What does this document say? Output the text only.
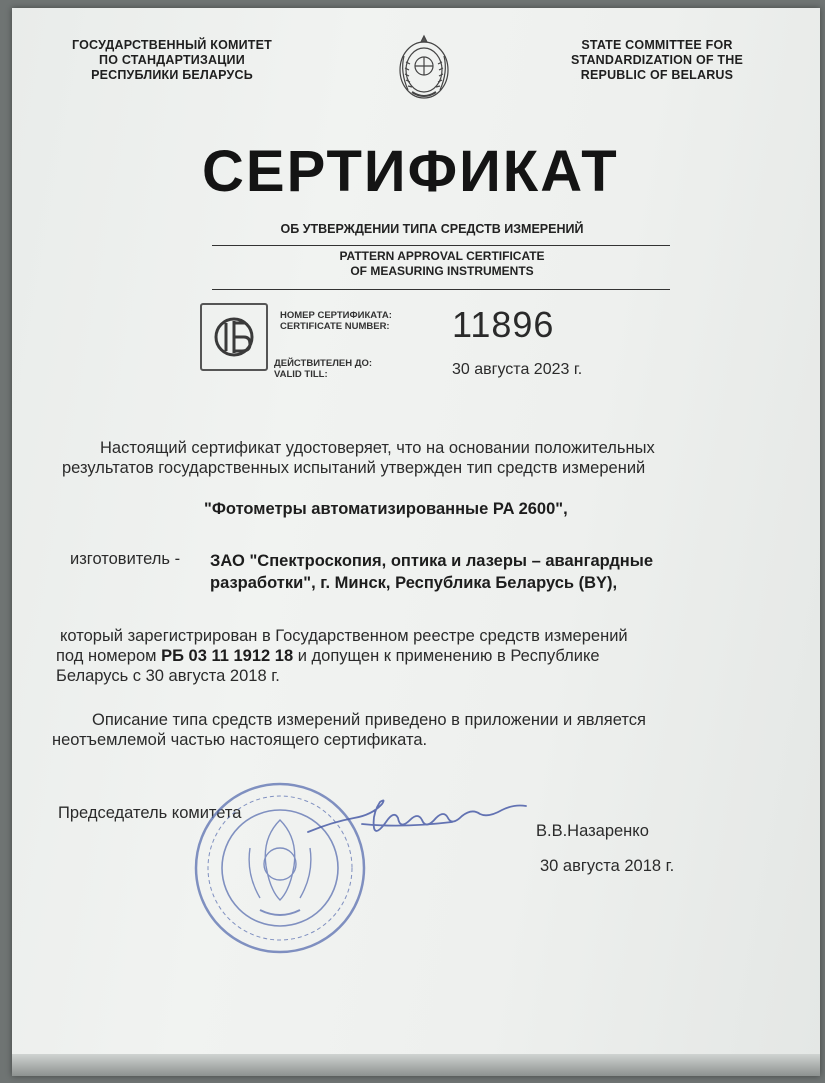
ГОСУДАРСТВЕННЫЙ КОМИТЕТ
ПО СТАНДАРТИЗАЦИИ
РЕСПУБЛИКИ БЕЛАРУСЬ
STATE COMMITTEE FOR
STANDARDIZATION OF THE
REPUBLIC OF BELARUS
СЕРТИФИКАТ
ОБ УТВЕРЖДЕНИИ ТИПА СРЕДСТВ ИЗМЕРЕНИЙ
PATTERN APPROVAL CERTIFICATE
OF MEASURING INSTRUMENTS
НОМЕР СЕРТИФИКАТА:
CERTIFICATE NUMBER: 11896
ДЕЙСТВИТЕЛЕН ДО:
VALID TILL:	30 августа 2023 г.
Настоящий сертификат удостоверяет, что на основании положительных
результатов государственных испытаний утвержден тип средств измерений
"Фотометры автоматизированные PA 2600",
изготовитель - ЗАО "Спектроскопия, оптика и лазеры – авангардные
разработки", г. Минск, Республика Беларусь (BY),
который зарегистрирован в Государственном реестре средств измерений
под номером РБ 03 11 1912 18 и допущен к применению в Республике
Беларусь с 30 августа 2018 г.
Описание типа средств измерений приведено в приложении и является
неотъемлемой частью настоящего сертификата.
Председатель комитета
В.В.Назаренко
30 августа 2018 г.
